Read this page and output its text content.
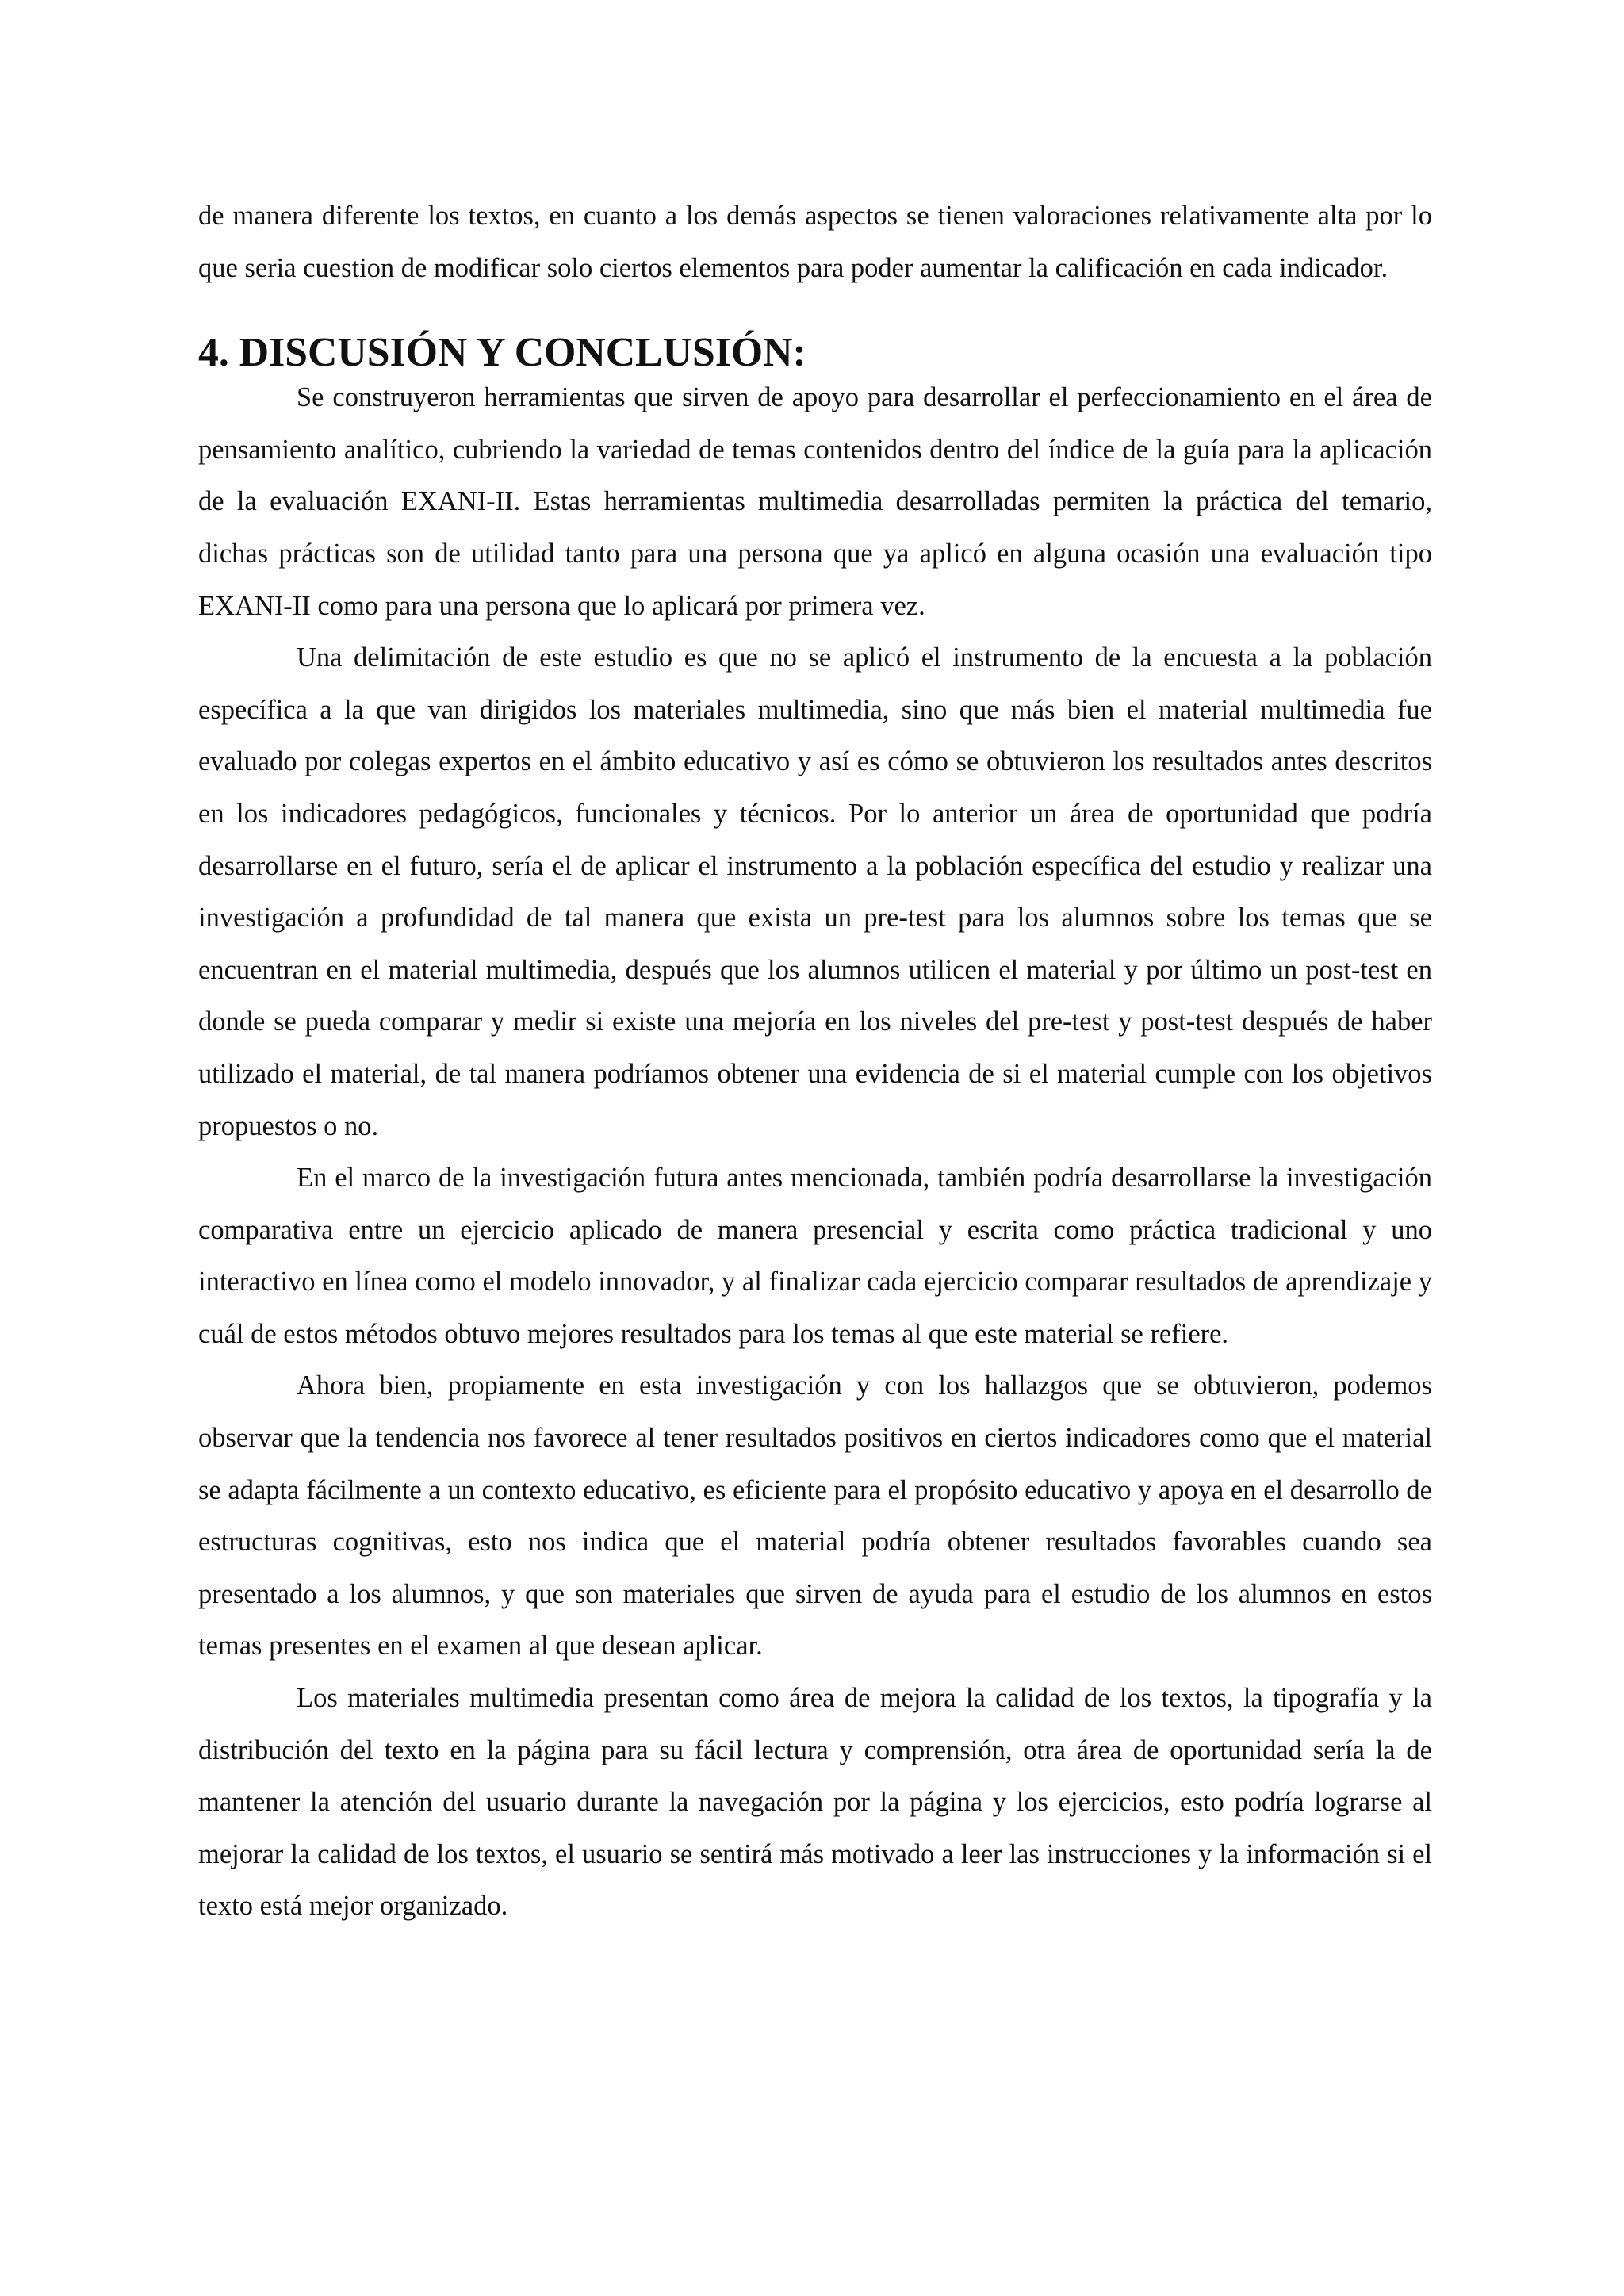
de manera diferente los textos, en cuanto a los demás aspectos se tienen valoraciones relativamente alta por lo que seria cuestion de modificar solo ciertos elementos para poder aumentar la calificación en cada indicador.

4. DISCUSIÓN Y CONCLUSIÓN:

Se construyeron herramientas que sirven de apoyo para desarrollar el perfeccionamiento en el área de pensamiento analítico, cubriendo la variedad de temas contenidos dentro del índice de la guía para la aplicación de la evaluación EXANI-II. Estas herramientas multimedia desarrolladas permiten la práctica del temario, dichas prácticas son de utilidad tanto para una persona que ya aplicó en alguna ocasión una evaluación tipo EXANI-II como para una persona que lo aplicará por primera vez.

Una delimitación de este estudio es que no se aplicó el instrumento de la encuesta a la población específica a la que van dirigidos los materiales multimedia, sino que más bien el material multimedia fue evaluado por colegas expertos en el ámbito educativo y así es cómo se obtuvieron los resultados antes descritos en los indicadores pedagógicos, funcionales y técnicos. Por lo anterior un área de oportunidad que podría desarrollarse en el futuro, sería el de aplicar el instrumento a la población específica del estudio y realizar una investigación a profundidad de tal manera que exista un pre-test para los alumnos sobre los temas que se encuentran en el material multimedia, después que los alumnos utilicen el material y por último un post-test en donde se pueda comparar y medir si existe una mejoría en los niveles del pre-test y post-test después de haber utilizado el material, de tal manera podríamos obtener una evidencia de si el material cumple con los objetivos propuestos o no.

En el marco de la investigación futura antes mencionada, también podría desarrollarse la investigación comparativa entre un ejercicio aplicado de manera presencial y escrita como práctica tradicional y uno interactivo en línea como el modelo innovador, y al finalizar cada ejercicio comparar resultados de aprendizaje y cuál de estos métodos obtuvo mejores resultados para los temas al que este material se refiere.

Ahora bien, propiamente en esta investigación y con los hallazgos que se obtuvieron, podemos observar que la tendencia nos favorece al tener resultados positivos en ciertos indicadores como que el material se adapta fácilmente a un contexto educativo, es eficiente para el propósito educativo y apoya en el desarrollo de estructuras cognitivas, esto nos indica que el material podría obtener resultados favorables cuando sea presentado a los alumnos, y que son materiales que sirven de ayuda para el estudio de los alumnos en estos temas presentes en el examen al que desean aplicar.

Los materiales multimedia presentan como área de mejora la calidad de los textos, la tipografía y la distribución del texto en la página para su fácil lectura y comprensión, otra área de oportunidad sería la de mantener la atención del usuario durante la navegación por la página y los ejercicios, esto podría lograrse al mejorar la calidad de los textos, el usuario se sentirá más motivado a leer las instrucciones y la información si el texto está mejor organizado.
